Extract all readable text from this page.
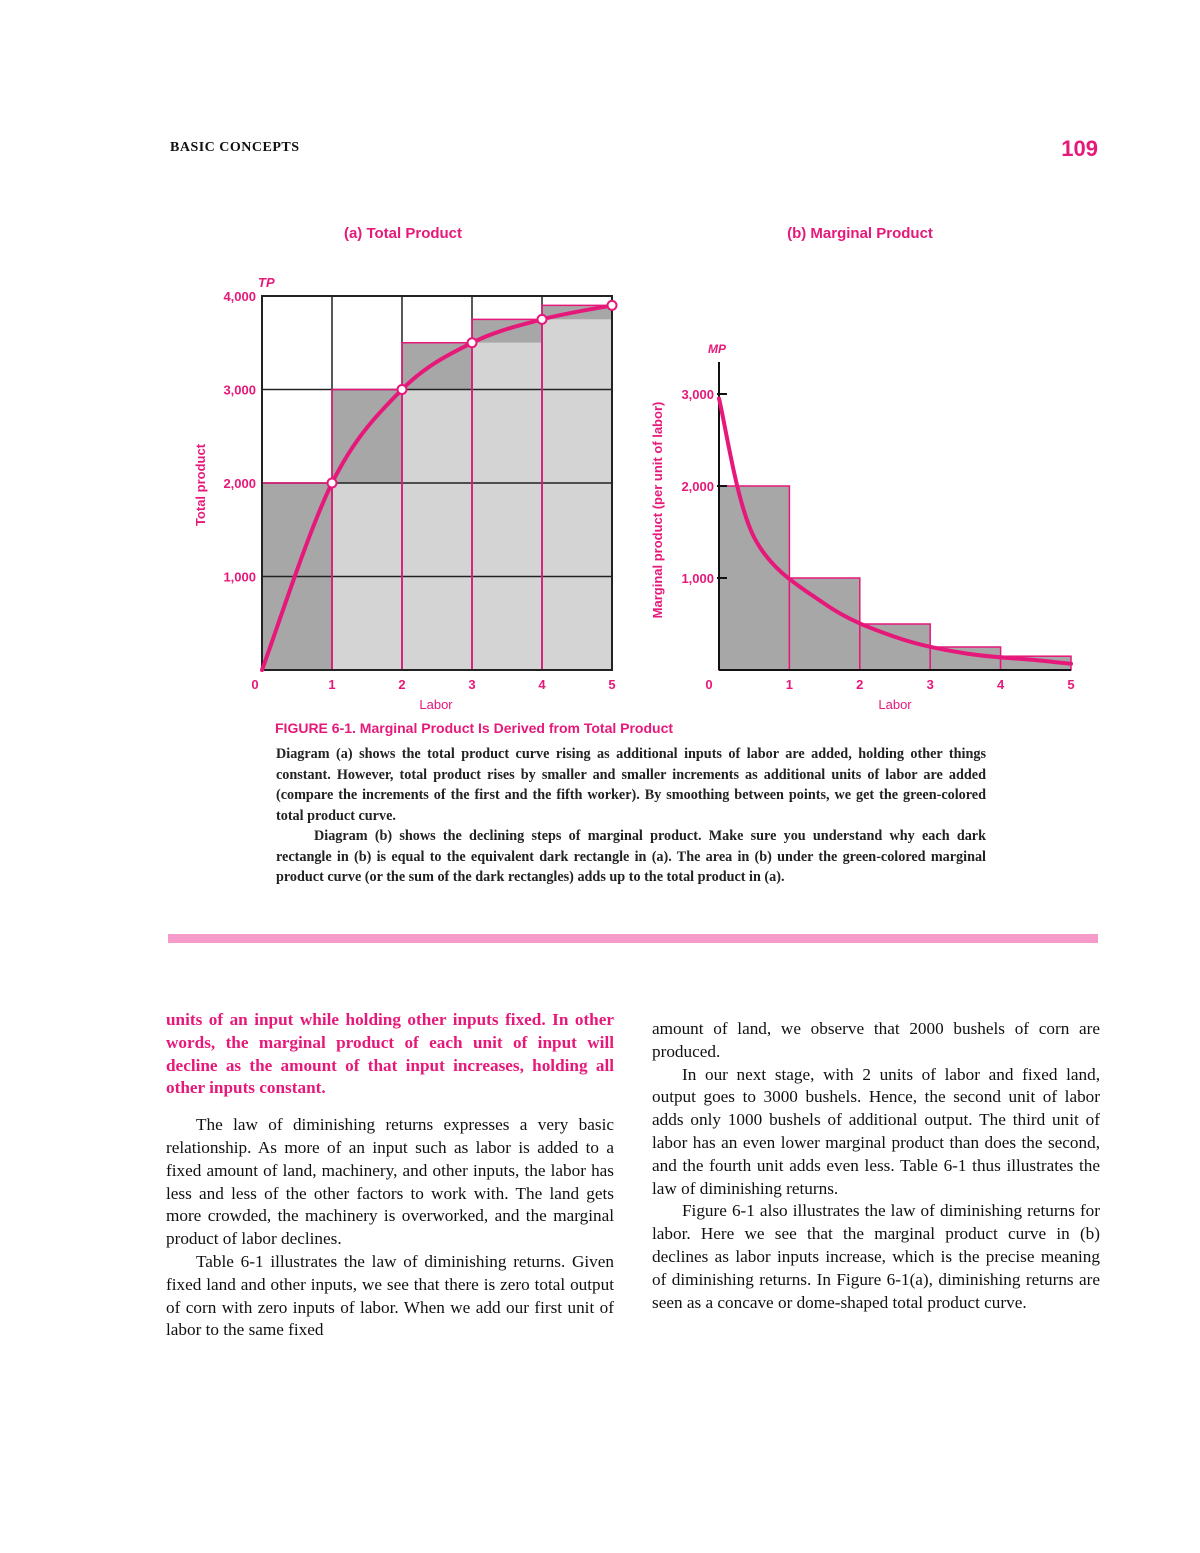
BASIC CONCEPTS	109
(a) Total Product
TP
Total product
Labor
1,000
2,000
3,000
4,000
0	1	2	3	4	5
(b) Marginal Product
MP
Marginal product (per unit of labor)
Labor
1,000
2,000
3,000
0	1	2	3	4	5
FIGURE 6-1. Marginal Product Is Derived from Total Product

Diagram (a) shows the total product curve rising as additional inputs of labor are added, holding other things constant. However, total product rises by smaller and smaller increments as additional units of labor are added (compare the increments of the first and the fifth worker). By smoothing between points, we get the green-colored total product curve.

Diagram (b) shows the declining steps of marginal product. Make sure you understand why each dark rectangle in (b) is equal to the equivalent dark rectangle in (a). The area in (b) under the green-colored marginal product curve (or the sum of the dark rectangles) adds up to the total product in (a).

units of an input while holding other inputs fixed. In other words, the marginal product of each unit of input will decline as the amount of that input increases, holding all other inputs constant.

The law of diminishing returns expresses a very basic relationship. As more of an input such as labor is added to a fixed amount of land, machinery, and other inputs, the labor has less and less of the other factors to work with. The land gets more crowded, the machinery is overworked, and the marginal product of labor declines.

Table 6-1 illustrates the law of diminishing returns. Given fixed land and other inputs, we see that there is zero total output of corn with zero inputs of labor. When we add our first unit of labor to the same fixed

amount of land, we observe that 2000 bushels of corn are produced.

In our next stage, with 2 units of labor and fixed land, output goes to 3000 bushels. Hence, the second unit of labor adds only 1000 bushels of additional output. The third unit of labor has an even lower marginal product than does the second, and the fourth unit adds even less. Table 6-1 thus illustrates the law of diminishing returns.

Figure 6-1 also illustrates the law of diminishing returns for labor. Here we see that the marginal product curve in (b) declines as labor inputs increase, which is the precise meaning of diminishing returns. In Figure 6-1(a), diminishing returns are seen as a concave or dome-shaped total product curve.
